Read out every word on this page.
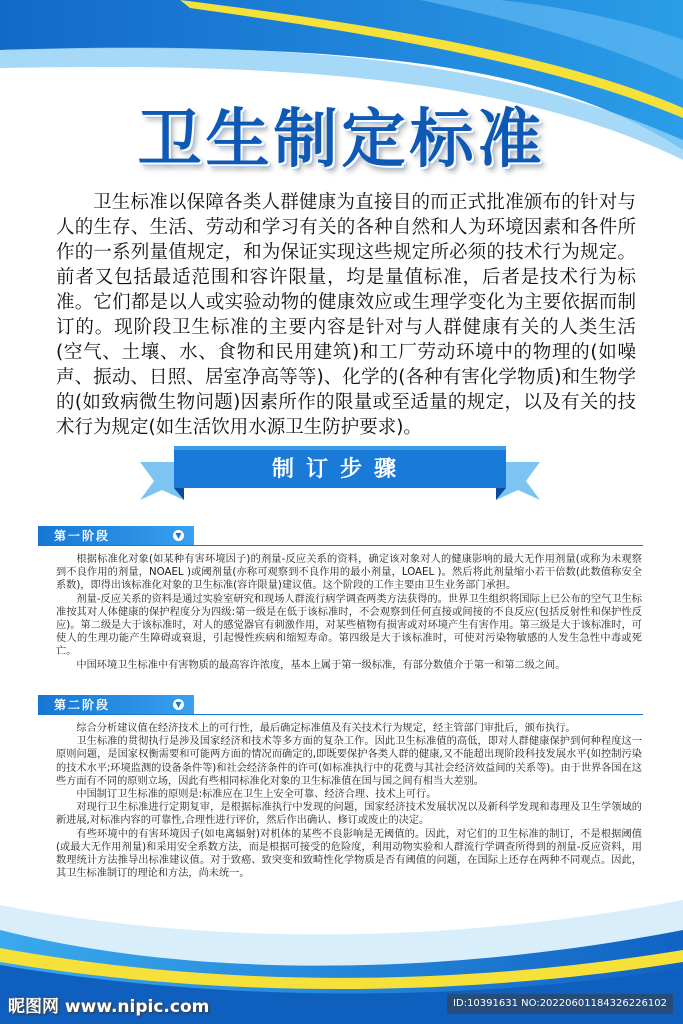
卫生制定标准
卫生标准以保障各类人群健康为直接目的而正式批准颁布的针对与人的生存、生活、劳动和学习有关的各种自然和人为环境因素和各件所作的一系列量值规定，和为保证实现这些规定所必须的技术行为规定。前者又包括最适范围和容许限量，均是量值标准，后者是技术行为标准。它们都是以人或实验动物的健康效应或生理学变化为主要依据而制订的。现阶段卫生标准的主要内容是针对与人群健康有关的人类生活(空气、土壤、水、食物和民用建筑)和工厂劳动环境中的物理的(如噪声、振动、日照、居室净高等等)、化学的(各种有害化学物质)和生物学的(如致病微生物问题)因素所作的限量或至适量的规定，以及有关的技术行为规定(如生活饮用水源卫生防护要求)。
制订步骤
第一阶段	▼

根据标准化对象(如某种有害环境因子)的剂量-反应关系的资料，确定该对象对人的健康影响的最大无作用剂量(或称为未观察到不良作用的剂量，NOAEL )或阈剂量(亦称可观察到不良作用的最小剂量，LOAEL )。然后将此剂量缩小若干倍数(此数值称安全系数)，即得出该标准化对象的卫生标准(容许限量)建议值。这个阶段的工作主要由卫生业务部门承担。

剂量-反应关系的资料是通过实验室研究和现场人群流行病学调查两类方法获得的。世界卫生组织将国际上已公布的空气卫生标准按其对人体健康的保护程度分为四级:第一级是在低于该标准时，不会观察到任何直接或间接的不良反应(包括反射性和保护性反应)。第二级是大于该标准时，对人的感觉器官有刺激作用，对某些植物有损害或对环境产生有害作用。第三级是大于该标准时，可使人的生理功能产生障碍或衰退，引起慢性疾病和缩短寿命。第四级是大于该标准时，可使对污染物敏感的人发生急性中毒或死亡。

中国环境卫生标准中有害物质的最高容许浓度，基本上属于第一级标准，有部分数值介于第一和第二级之间。

第二阶段	▼

综合分析建议值在经济技术上的可行性，最后确定标准值及有关技术行为规定，经主管部门审批后，颁布执行。

卫生标准的贯彻执行是涉及国家经济和技术等多方面的复杂工作。因此卫生标准值的高低，即对人群健康保护到何种程度这一原则问题，是国家权衡需要和可能两方面的情况而确定的,即既要保护各类人群的健康,又不能超出现阶段科技发展水平(如控制污染的技术水平;环境监测的设备条件等)和社会经济条件的许可(如标准执行中的花费与其社会经济效益间的关系等)。由于世界各国在这些方面有不同的原则立场，因此有些相同标准化对象的卫生标准值在国与国之间有相当大差别。

中国制订卫生标准的原则是:标准应在卫生上安全可靠、经济合理、技术上可行。

对现行卫生标准进行定期复审，是根据标准执行中发现的问题，国家经济技术发展状况以及新科学发现和毒理及卫生学领域的新进展,对标准内容的可靠性,合理性进行评价，然后作出确认、修订或废止的决定。

有些环境中的有害环境因子(如电离辐射)对机体的某些不良影响是无阈值的。因此，对它们的卫生标准的制订，不是根据阈值(或最大无作用剂量)和采用安全系数方法，而是根据可接受的危险度，利用动物实验和人群流行学调查所得到的剂量-反应资料，用数理统计方法推导出标准建议值。对于致癌、致突变和致畸性化学物质是否有阈值的问题，在国际上还存在两种不同观点。因此，其卫生标准制订的理论和方法，尚未统一。

昵图网 www.nipic.com	ID:10391631 NO:20220601184326226102
